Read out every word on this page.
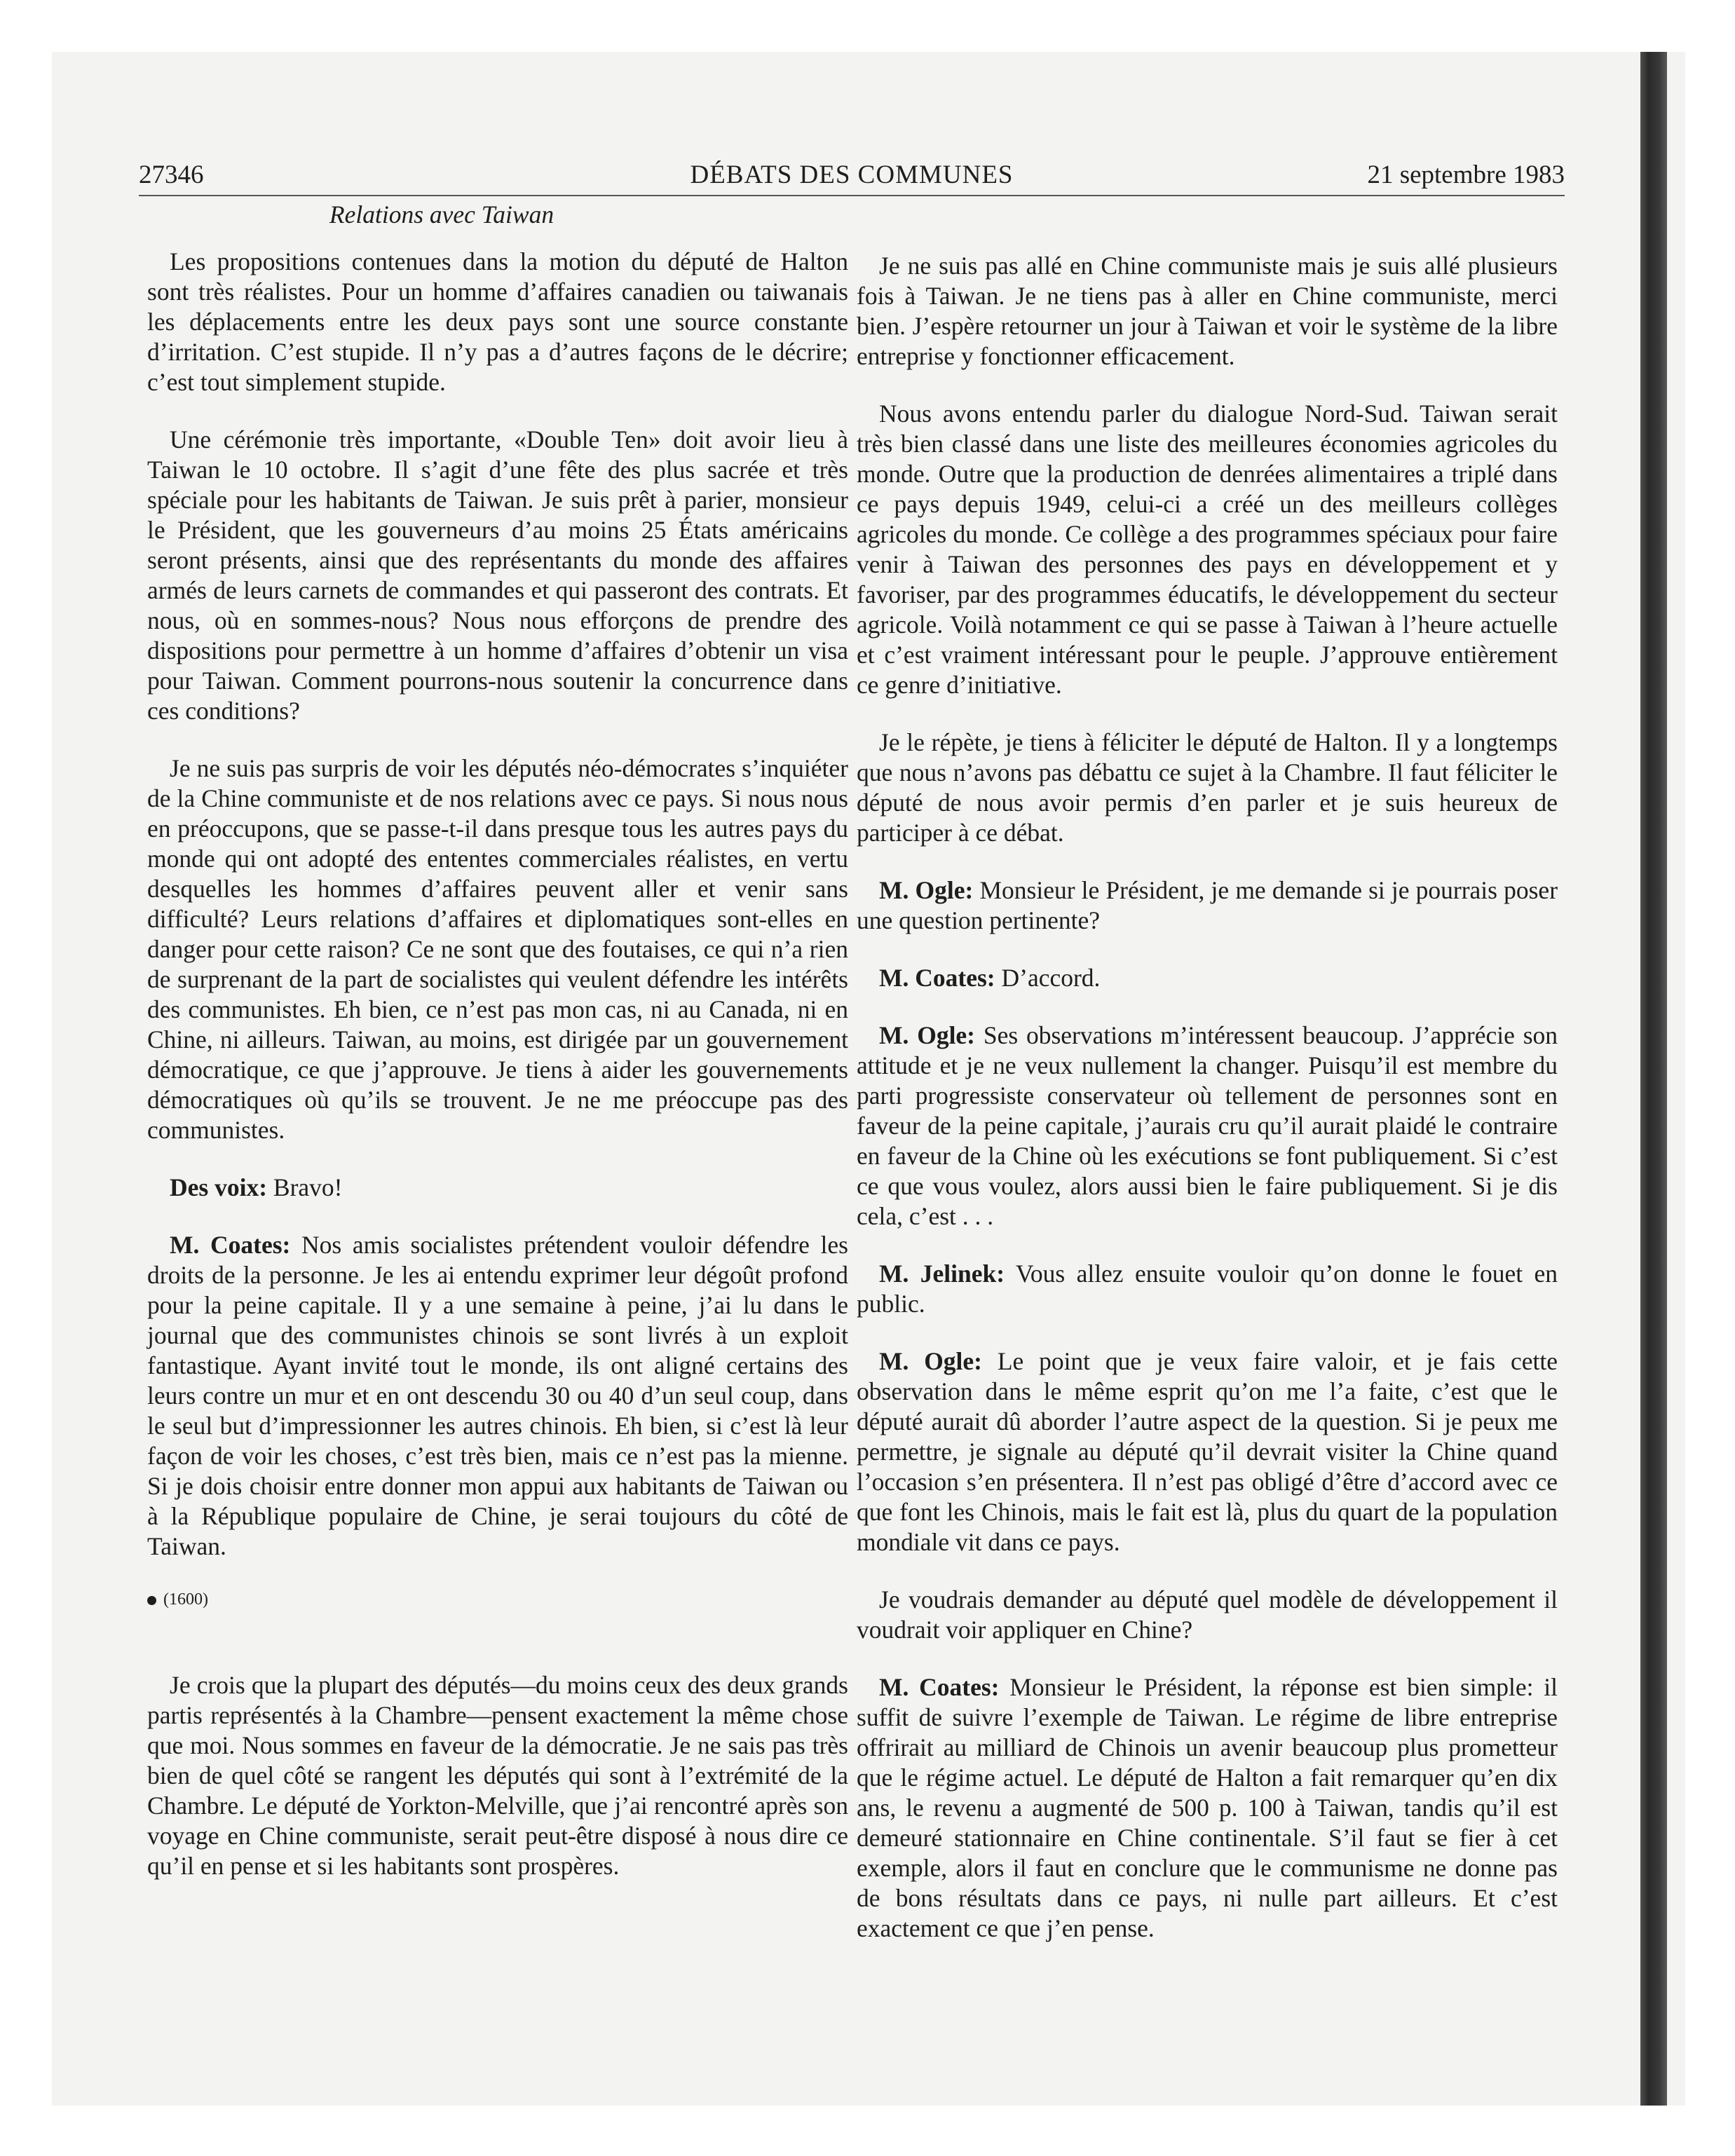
27346	DÉBATS DES COMMUNES	21 septembre 1983
Relations avec Taiwan

Les propositions contenues dans la motion du député de Halton sont très réalistes. Pour un homme d’affaires canadien ou taiwanais les déplacements entre les deux pays sont une source constante d’irritation. C’est stupide. Il n’y pas a d’autres façons de le décrire; c’est tout simplement stupide.

Une cérémonie très importante, «Double Ten» doit avoir lieu à Taiwan le 10 octobre. Il s’agit d’une fête des plus sacrée et très spéciale pour les habitants de Taiwan. Je suis prêt à parier, monsieur le Président, que les gouverneurs d’au moins 25 États américains seront présents, ainsi que des représentants du monde des affaires armés de leurs carnets de commandes et qui passeront des contrats. Et nous, où en sommes-nous? Nous nous efforçons de prendre des dispositions pour permettre à un homme d’affaires d’obtenir un visa pour Taiwan. Comment pourrons-nous soutenir la concurrence dans ces conditions?

Je ne suis pas surpris de voir les députés néo-démocrates s’inquiéter de la Chine communiste et de nos relations avec ce pays. Si nous nous en préoccupons, que se passe-t-il dans presque tous les autres pays du monde qui ont adopté des ententes commerciales réalistes, en vertu desquelles les hommes d’affaires peuvent aller et venir sans difficulté? Leurs relations d’affaires et diplomatiques sont-elles en danger pour cette raison? Ce ne sont que des foutaises, ce qui n’a rien de surprenant de la part de socialistes qui veulent défendre les intérêts des communistes. Eh bien, ce n’est pas mon cas, ni au Canada, ni en Chine, ni ailleurs. Taiwan, au moins, est dirigée par un gouvernement démocratique, ce que j’approuve. Je tiens à aider les gouvernements démocratiques où qu’ils se trouvent. Je ne me préoccupe pas des communistes.

Des voix: Bravo!

M. Coates: Nos amis socialistes prétendent vouloir défendre les droits de la personne. Je les ai entendu exprimer leur dégoût profond pour la peine capitale. Il y a une semaine à peine, j’ai lu dans le journal que des communistes chinois se sont livrés à un exploit fantastique. Ayant invité tout le monde, ils ont aligné certains des leurs contre un mur et en ont descendu 30 ou 40 d’un seul coup, dans le seul but d’impressionner les autres chinois. Eh bien, si c’est là leur façon de voir les choses, c’est très bien, mais ce n’est pas la mienne. Si je dois choisir entre donner mon appui aux habitants de Taiwan ou à la République populaire de Chine, je serai toujours du côté de Taiwan.

(1600)

Je crois que la plupart des députés—du moins ceux des deux grands partis représentés à la Chambre—pensent exactement la même chose que moi. Nous sommes en faveur de la démocratie. Je ne sais pas très bien de quel côté se rangent les députés qui sont à l’extrémité de la Chambre. Le député de Yorkton-Melville, que j’ai rencontré après son voyage en Chine communiste, serait peut-être disposé à nous dire ce qu’il en pense et si les habitants sont prospères.

Je ne suis pas allé en Chine communiste mais je suis allé plusieurs fois à Taiwan. Je ne tiens pas à aller en Chine communiste, merci bien. J’espère retourner un jour à Taiwan et voir le système de la libre entreprise y fonctionner efficacement.

Nous avons entendu parler du dialogue Nord-Sud. Taiwan serait très bien classé dans une liste des meilleures économies agricoles du monde. Outre que la production de denrées alimentaires a triplé dans ce pays depuis 1949, celui-ci a créé un des meilleurs collèges agricoles du monde. Ce collège a des programmes spéciaux pour faire venir à Taiwan des personnes des pays en développement et y favoriser, par des programmes éducatifs, le développement du secteur agricole. Voilà notamment ce qui se passe à Taiwan à l’heure actuelle et c’est vraiment intéressant pour le peuple. J’approuve entièrement ce genre d’initiative.

Je le répète, je tiens à féliciter le député de Halton. Il y a longtemps que nous n’avons pas débattu ce sujet à la Chambre. Il faut féliciter le député de nous avoir permis d’en parler et je suis heureux de participer à ce débat.

M. Ogle: Monsieur le Président, je me demande si je pourrais poser une question pertinente?

M. Coates: D’accord.

M. Ogle: Ses observations m’intéressent beaucoup. J’apprécie son attitude et je ne veux nullement la changer. Puisqu’il est membre du parti progressiste conservateur où tellement de personnes sont en faveur de la peine capitale, j’aurais cru qu’il aurait plaidé le contraire en faveur de la Chine où les exécutions se font publiquement. Si c’est ce que vous voulez, alors aussi bien le faire publiquement. Si je dis cela, c’est . . .

M. Jelinek: Vous allez ensuite vouloir qu’on donne le fouet en public.

M. Ogle: Le point que je veux faire valoir, et je fais cette observation dans le même esprit qu’on me l’a faite, c’est que le député aurait dû aborder l’autre aspect de la question. Si je peux me permettre, je signale au député qu’il devrait visiter la Chine quand l’occasion s’en présentera. Il n’est pas obligé d’être d’accord avec ce que font les Chinois, mais le fait est là, plus du quart de la population mondiale vit dans ce pays.

Je voudrais demander au député quel modèle de développement il voudrait voir appliquer en Chine?

M. Coates: Monsieur le Président, la réponse est bien simple: il suffit de suivre l’exemple de Taiwan. Le régime de libre entreprise offrirait au milliard de Chinois un avenir beaucoup plus prometteur que le régime actuel. Le député de Halton a fait remarquer qu’en dix ans, le revenu a augmenté de 500 p. 100 à Taiwan, tandis qu’il est demeuré stationnaire en Chine continentale. S’il faut se fier à cet exemple, alors il faut en conclure que le communisme ne donne pas de bons résultats dans ce pays, ni nulle part ailleurs. Et c’est exactement ce que j’en pense.
